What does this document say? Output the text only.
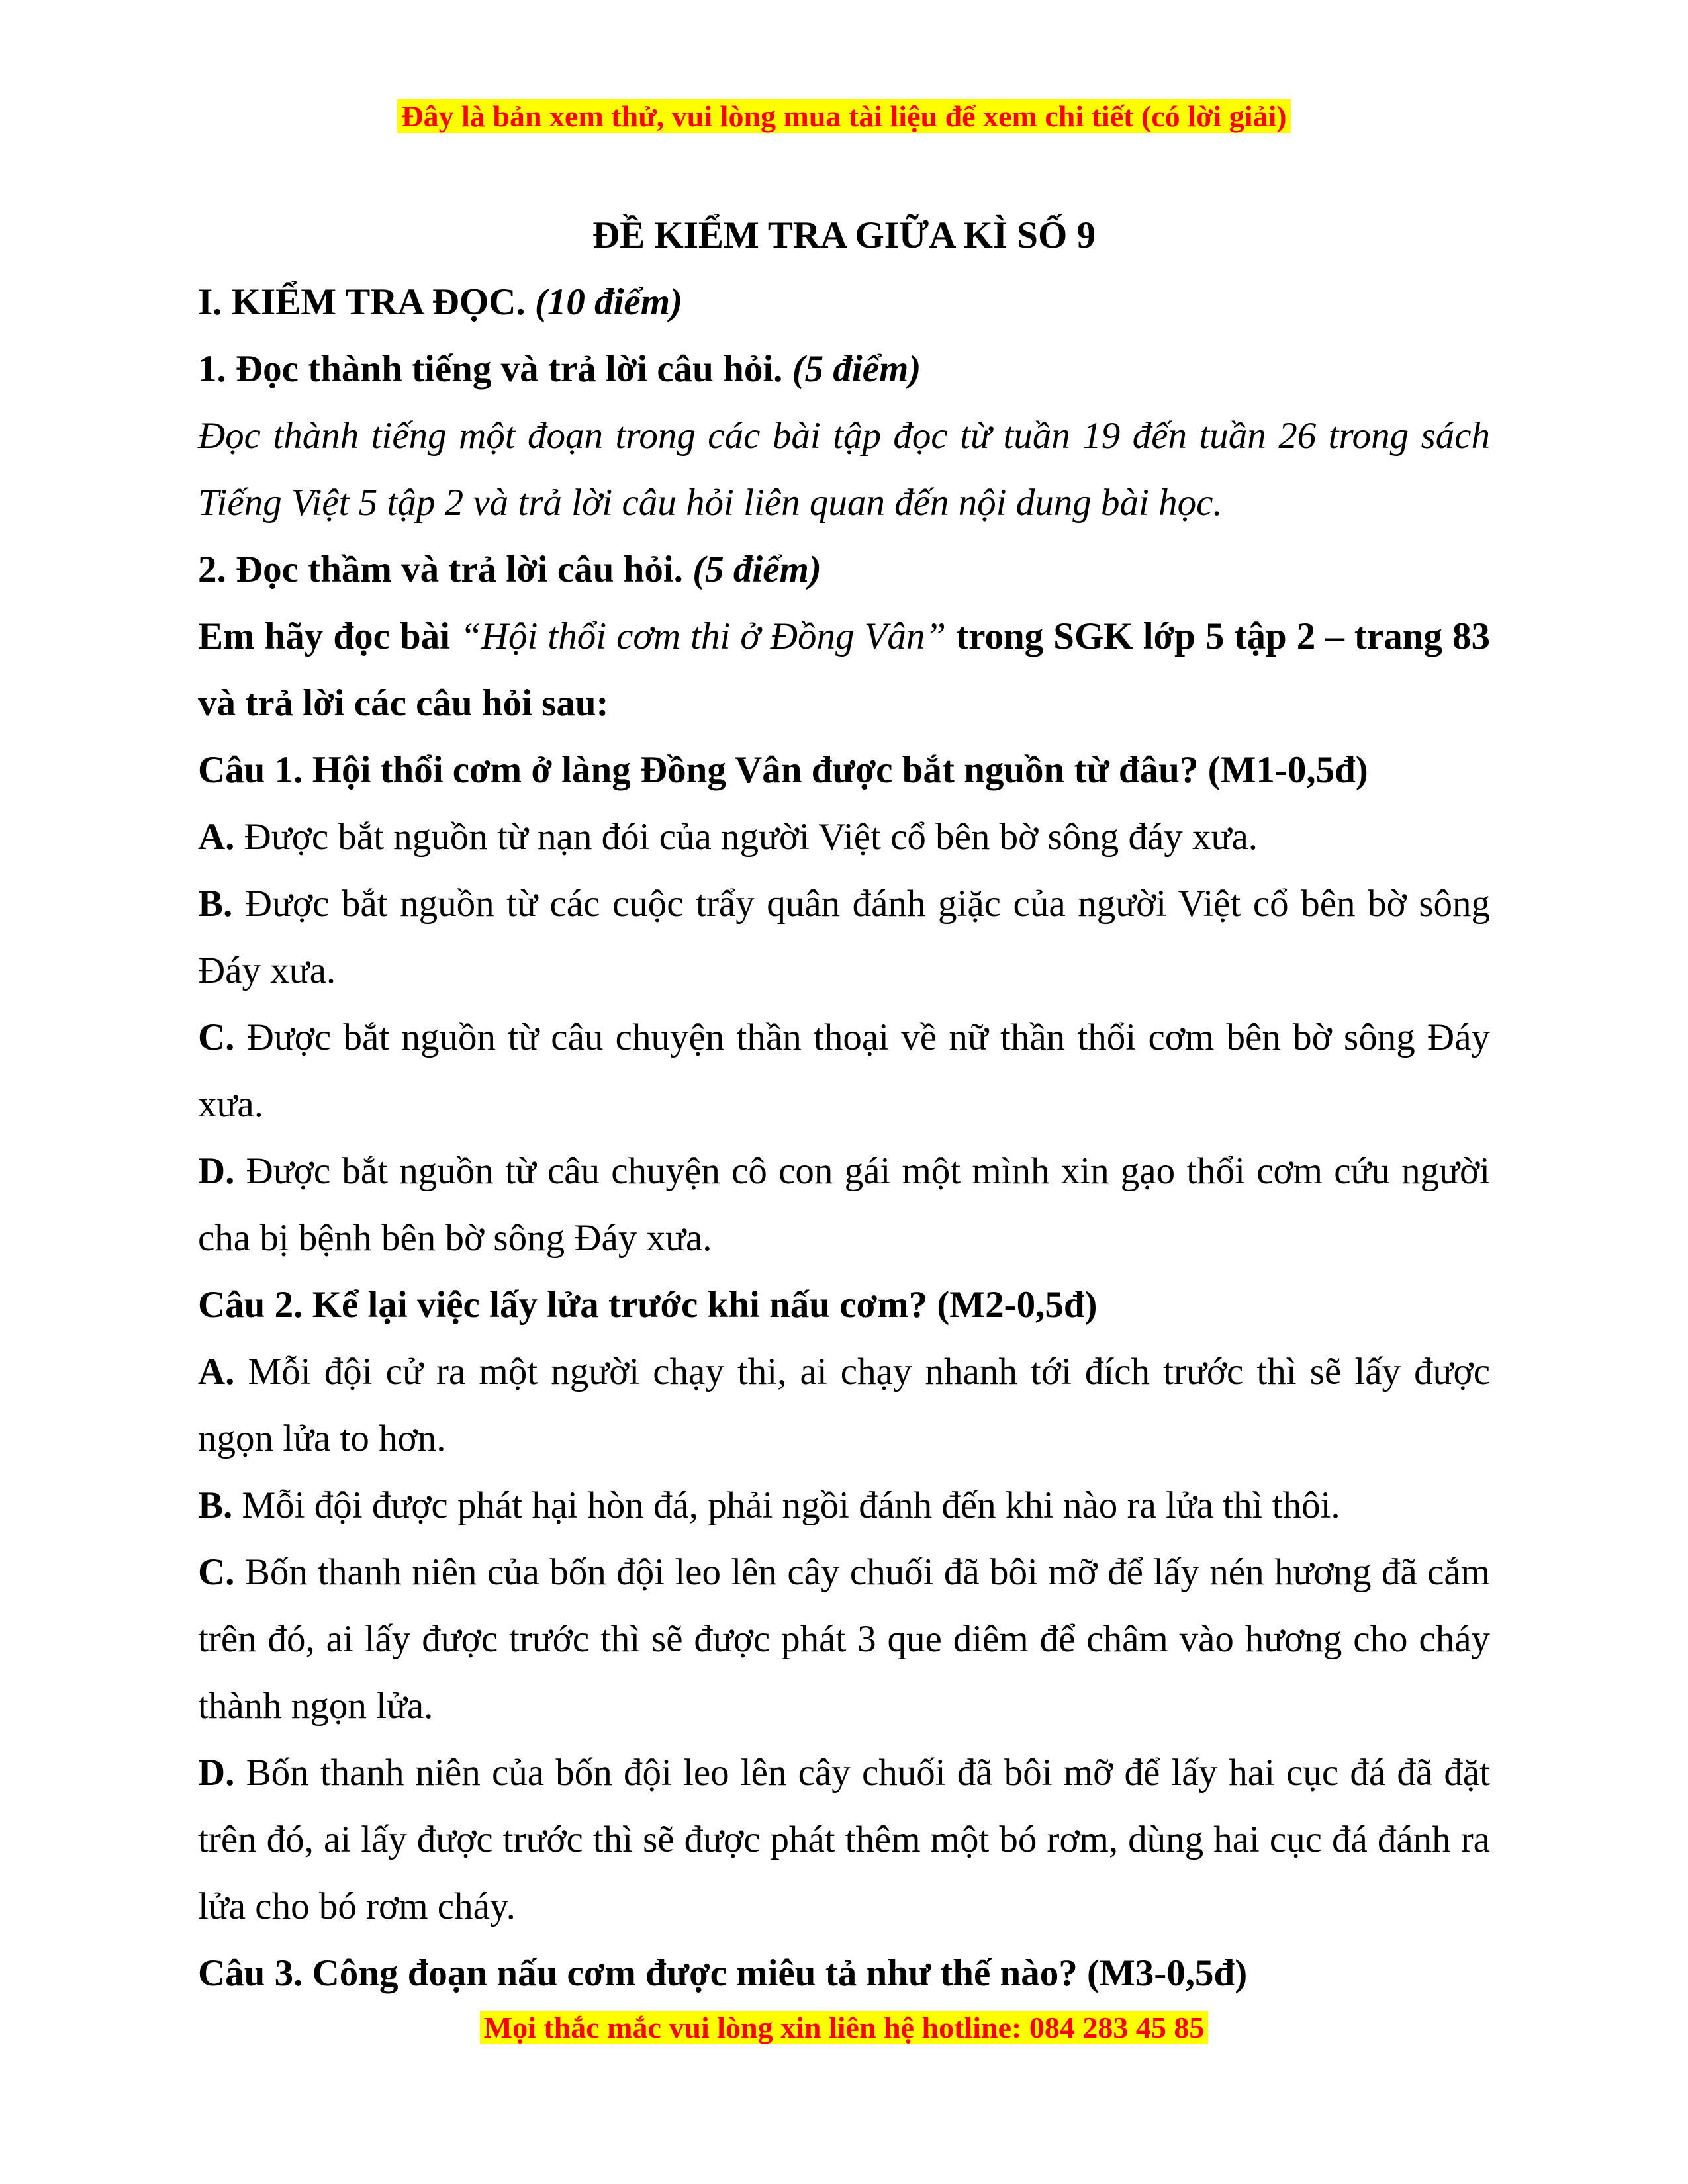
Đây là bản xem thử, vui lòng mua tài liệu để xem chi tiết (có lời giải)

ĐỀ KIỂM TRA GIỮA KÌ SỐ 9

I. KIỂM TRA ĐỌC. (10 điểm)

1. Đọc thành tiếng và trả lời câu hỏi. (5 điểm)

Đọc thành tiếng một đoạn trong các bài tập đọc từ tuần 19 đến tuần 26 trong sách Tiếng Việt 5 tập 2 và trả lời câu hỏi liên quan đến nội dung bài học.

2. Đọc thầm và trả lời câu hỏi. (5 điểm)

Em hãy đọc bài “Hội thổi cơm thi ở Đồng Vân” trong SGK lớp 5 tập 2 – trang 83 và trả lời các câu hỏi sau:

Câu 1. Hội thổi cơm ở làng Đồng Vân được bắt nguồn từ đâu? (M1-0,5đ)

A. Được bắt nguồn từ nạn đói của người Việt cổ bên bờ sông đáy xưa.

B. Được bắt nguồn từ các cuộc trẩy quân đánh giặc của người Việt cổ bên bờ sông Đáy xưa.

C. Được bắt nguồn từ câu chuyện thần thoại về nữ thần thổi cơm bên bờ sông Đáy xưa.

D. Được bắt nguồn từ câu chuyện cô con gái một mình xin gạo thổi cơm cứu người cha bị bệnh bên bờ sông Đáy xưa.

Câu 2. Kể lại việc lấy lửa trước khi nấu cơm? (M2-0,5đ)

A. Mỗi đội cử ra một người chạy thi, ai chạy nhanh tới đích trước thì sẽ lấy được ngọn lửa to hơn.

B. Mỗi đội được phát hại hòn đá, phải ngồi đánh đến khi nào ra lửa thì thôi.

C. Bốn thanh niên của bốn đội leo lên cây chuối đã bôi mỡ để lấy nén hương đã cắm trên đó, ai lấy được trước thì sẽ được phát 3 que diêm để châm vào hương cho cháy thành ngọn lửa.

D. Bốn thanh niên của bốn đội leo lên cây chuối đã bôi mỡ để lấy hai cục đá đã đặt trên đó, ai lấy được trước thì sẽ được phát thêm một bó rơm, dùng hai cục đá đánh ra lửa cho bó rơm cháy.

Câu 3. Công đoạn nấu cơm được miêu tả như thế nào? (M3-0,5đ)

Mọi thắc mắc vui lòng xin liên hệ hotline: 084 283 45 85
